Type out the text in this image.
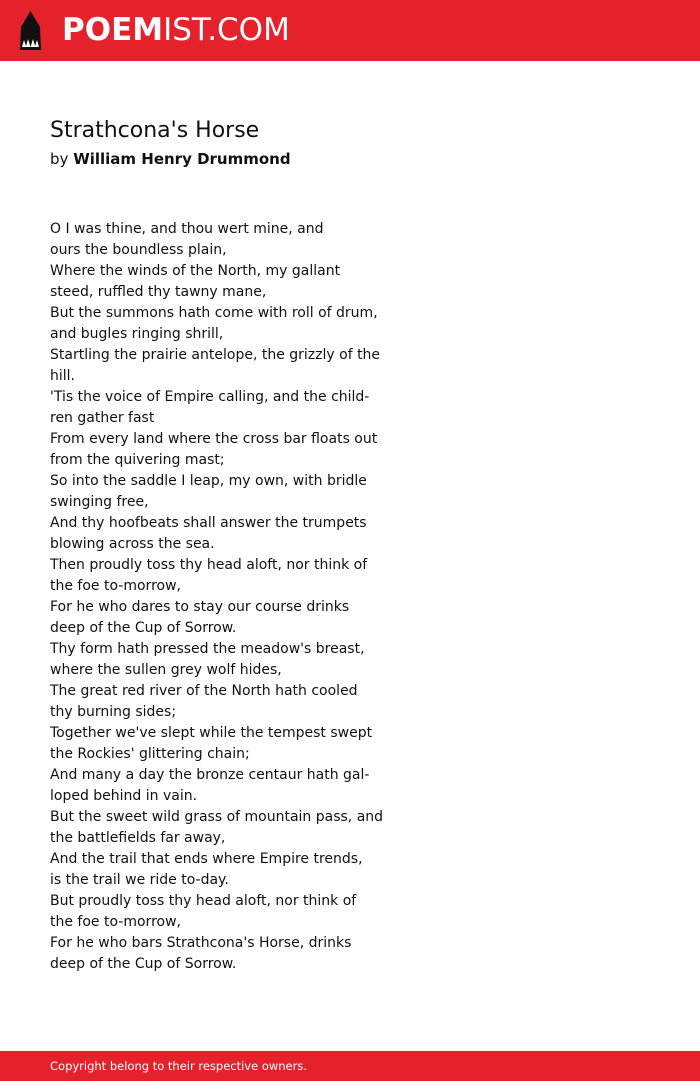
POEMIST.COM
Strathcona's Horse
by William Henry Drummond
O I was thine, and thou wert mine, and
ours the boundless plain,
Where the winds of the North, my gallant
steed, ruffled thy tawny mane,
But the summons hath come with roll of drum,
and bugles ringing shrill,
Startling the prairie antelope, the grizzly of the
hill.
'Tis the voice of Empire calling, and the child-
ren gather fast
From every land where the cross bar floats out
from the quivering mast;
So into the saddle I leap, my own, with bridle
swinging free,
And thy hoofbeats shall answer the trumpets
blowing across the sea.
Then proudly toss thy head aloft, nor think of
the foe to-morrow,
For he who dares to stay our course drinks
deep of the Cup of Sorrow.
Thy form hath pressed the meadow's breast,
where the sullen grey wolf hides,
The great red river of the North hath cooled
thy burning sides;
Together we've slept while the tempest swept
the Rockies' glittering chain;
And many a day the bronze centaur hath gal-
loped behind in vain.
But the sweet wild grass of mountain pass, and
the battlefields far away,
And the trail that ends where Empire trends,
is the trail we ride to-day.
But proudly toss thy head aloft, nor think of
the foe to-morrow,
For he who bars Strathcona's Horse, drinks
deep of the Cup of Sorrow.
Copyright belong to their respective owners.
